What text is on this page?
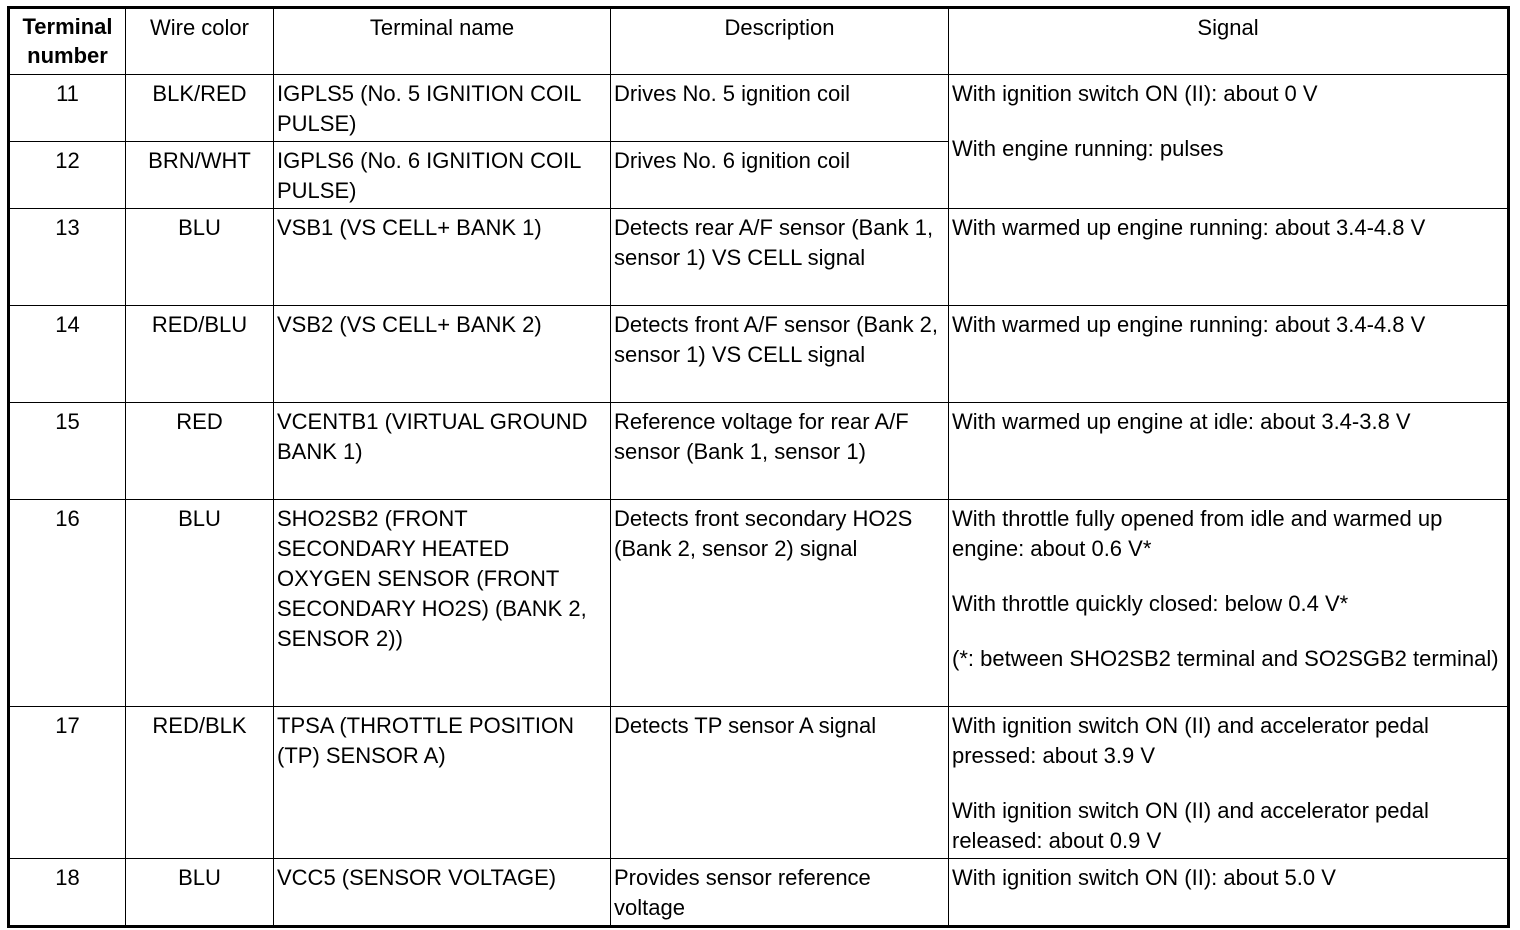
Terminal
number	Wire color	Terminal name	Description	Signal
11	BLK/RED	IGPLS5 (No. 5 IGNITION COIL PULSE)	Drives No. 5 ignition coil	With ignition switch ON (II): about 0 V

With engine running: pulses

12	BRN/WHT	IGPLS6 (No. 6 IGNITION COIL PULSE)	Drives No. 6 ignition coil	
13	BLU	VSB1 (VS CELL+ BANK 1)	Detects rear A/F sensor (Bank 1, sensor 1) VS CELL signal	With warmed up engine running: about 3.4-4.8 V

14	RED/BLU	VSB2 (VS CELL+ BANK 2)	Detects front A/F sensor (Bank 2, sensor 1) VS CELL signal	With warmed up engine running: about 3.4-4.8 V

15	RED	VCENTB1 (VIRTUAL GROUND BANK 1)	Reference voltage for rear A/F   sensor (Bank 1, sensor 1)	With warmed up engine at idle: about 3.4-3.8 V

16	BLU	SHO2SB2 (FRONT SECONDARY HEATED OXYGEN SENSOR (FRONT SECONDARY HO2S) (BANK 2, SENSOR 2))	Detects front secondary HO2S   (Bank 2, sensor 2) signal	With throttle fully opened from idle and warmed up engine: about 0.6 V*

With throttle quickly closed: below 0.4 V*

(*: between SHO2SB2 terminal and SO2SGB2 terminal)

17	RED/BLK	TPSA (THROTTLE POSITION (TP) SENSOR A)	Detects TP sensor A signal	With ignition switch ON (II) and accelerator pedal pressed: about 3.9 V

With ignition switch ON (II) and accelerator pedal released: about 0.9 V

18	BLU	VCC5 (SENSOR VOLTAGE)	Provides sensor reference voltage	With ignition switch ON (II): about 5.0 V
